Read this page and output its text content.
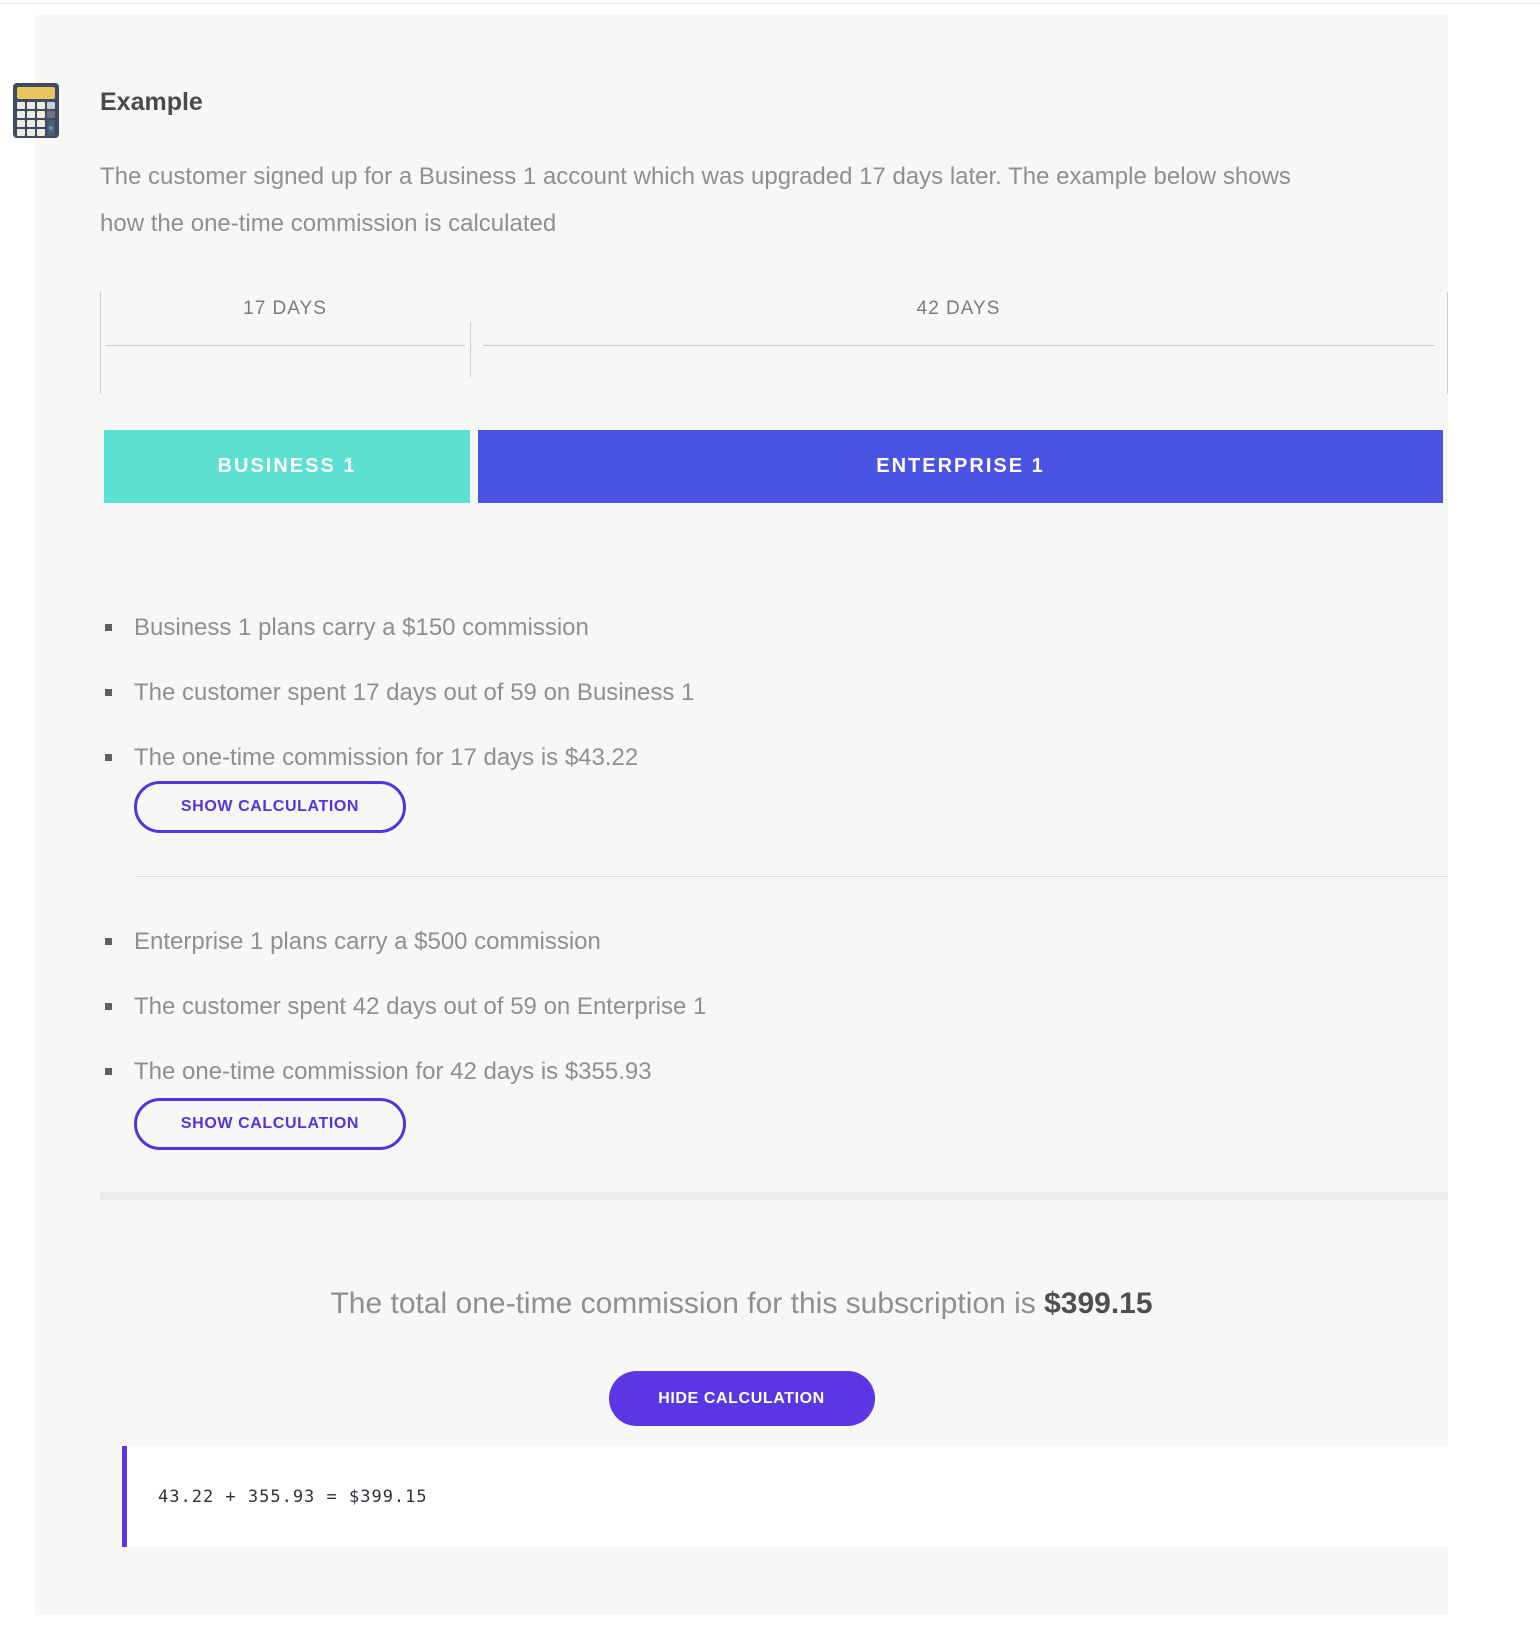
+
Example

The customer signed up for a Business 1 account which was upgraded 17 days later. The example below shows how the one-time commission is calculated

17 DAYS	42 DAYS
BUSINESS 1	ENTERPRISE 1
Business 1 plans carry a $150 commission
The customer spent 17 days out of 59 on Business 1
The one-time commission for 17 days is $43.22
SHOW CALCULATION
Enterprise 1 plans carry a $500 commission
The customer spent 42 days out of 59 on Enterprise 1
The one-time commission for 42 days is $355.93
SHOW CALCULATION
The total one-time commission for this subscription is $399.15
HIDE CALCULATION
43.22 + 355.93 = $399.15
